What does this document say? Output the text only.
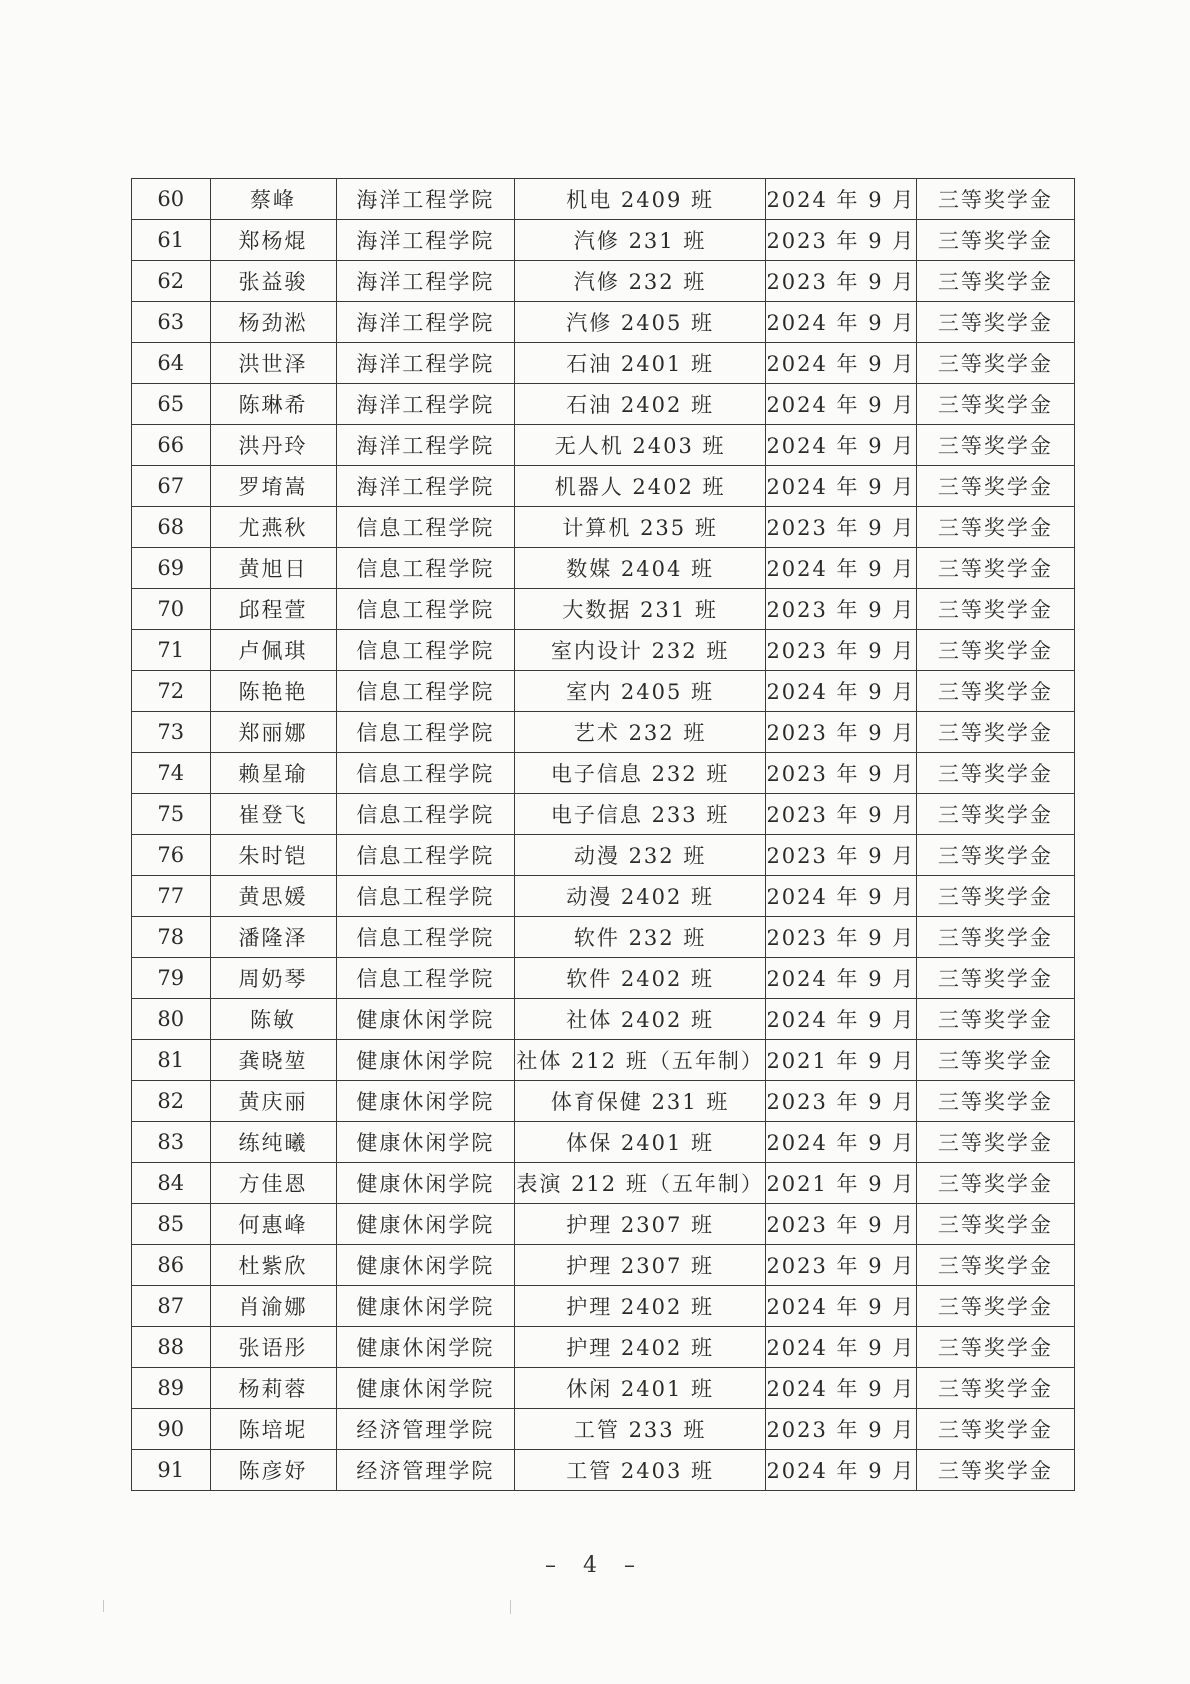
60	蔡峰	海洋工程学院	机电 2409 班	2024 年 9 月	三等奖学金
61	郑杨焜	海洋工程学院	汽修 231 班	2023 年 9 月	三等奖学金
62	张益骏	海洋工程学院	汽修 232 班	2023 年 9 月	三等奖学金
63	杨劲淞	海洋工程学院	汽修 2405 班	2024 年 9 月	三等奖学金
64	洪世泽	海洋工程学院	石油 2401 班	2024 年 9 月	三等奖学金
65	陈琳希	海洋工程学院	石油 2402 班	2024 年 9 月	三等奖学金
66	洪丹玲	海洋工程学院	无人机 2403 班	2024 年 9 月	三等奖学金
67	罗堉嵩	海洋工程学院	机器人 2402 班	2024 年 9 月	三等奖学金
68	尤燕秋	信息工程学院	计算机 235 班	2023 年 9 月	三等奖学金
69	黄旭日	信息工程学院	数媒 2404 班	2024 年 9 月	三等奖学金
70	邱程萱	信息工程学院	大数据 231 班	2023 年 9 月	三等奖学金
71	卢佩琪	信息工程学院	室内设计 232 班	2023 年 9 月	三等奖学金
72	陈艳艳	信息工程学院	室内 2405 班	2024 年 9 月	三等奖学金
73	郑丽娜	信息工程学院	艺术 232 班	2023 年 9 月	三等奖学金
74	赖星瑜	信息工程学院	电子信息 232 班	2023 年 9 月	三等奖学金
75	崔登飞	信息工程学院	电子信息 233 班	2023 年 9 月	三等奖学金
76	朱时铠	信息工程学院	动漫 232 班	2023 年 9 月	三等奖学金
77	黄思媛	信息工程学院	动漫 2402 班	2024 年 9 月	三等奖学金
78	潘隆泽	信息工程学院	软件 232 班	2023 年 9 月	三等奖学金
79	周奶琴	信息工程学院	软件 2402 班	2024 年 9 月	三等奖学金
80	陈敏	健康休闲学院	社体 2402 班	2024 年 9 月	三等奖学金
81	龚晓堃	健康休闲学院	社体 212 班（五年制）	2021 年 9 月	三等奖学金
82	黄庆丽	健康休闲学院	体育保健 231 班	2023 年 9 月	三等奖学金
83	练纯曦	健康休闲学院	体保 2401 班	2024 年 9 月	三等奖学金
84	方佳恩	健康休闲学院	表演 212 班（五年制）	2021 年 9 月	三等奖学金
85	何惠峰	健康休闲学院	护理 2307 班	2023 年 9 月	三等奖学金
86	杜紫欣	健康休闲学院	护理 2307 班	2023 年 9 月	三等奖学金
87	肖渝娜	健康休闲学院	护理 2402 班	2024 年 9 月	三等奖学金
88	张语彤	健康休闲学院	护理 2402 班	2024 年 9 月	三等奖学金
89	杨莉蓉	健康休闲学院	休闲 2401 班	2024 年 9 月	三等奖学金
90	陈培坭	经济管理学院	工管 233 班	2023 年 9 月	三等奖学金
91	陈彦妤	经济管理学院	工管 2403 班	2024 年 9 月	三等奖学金
– 4 –
